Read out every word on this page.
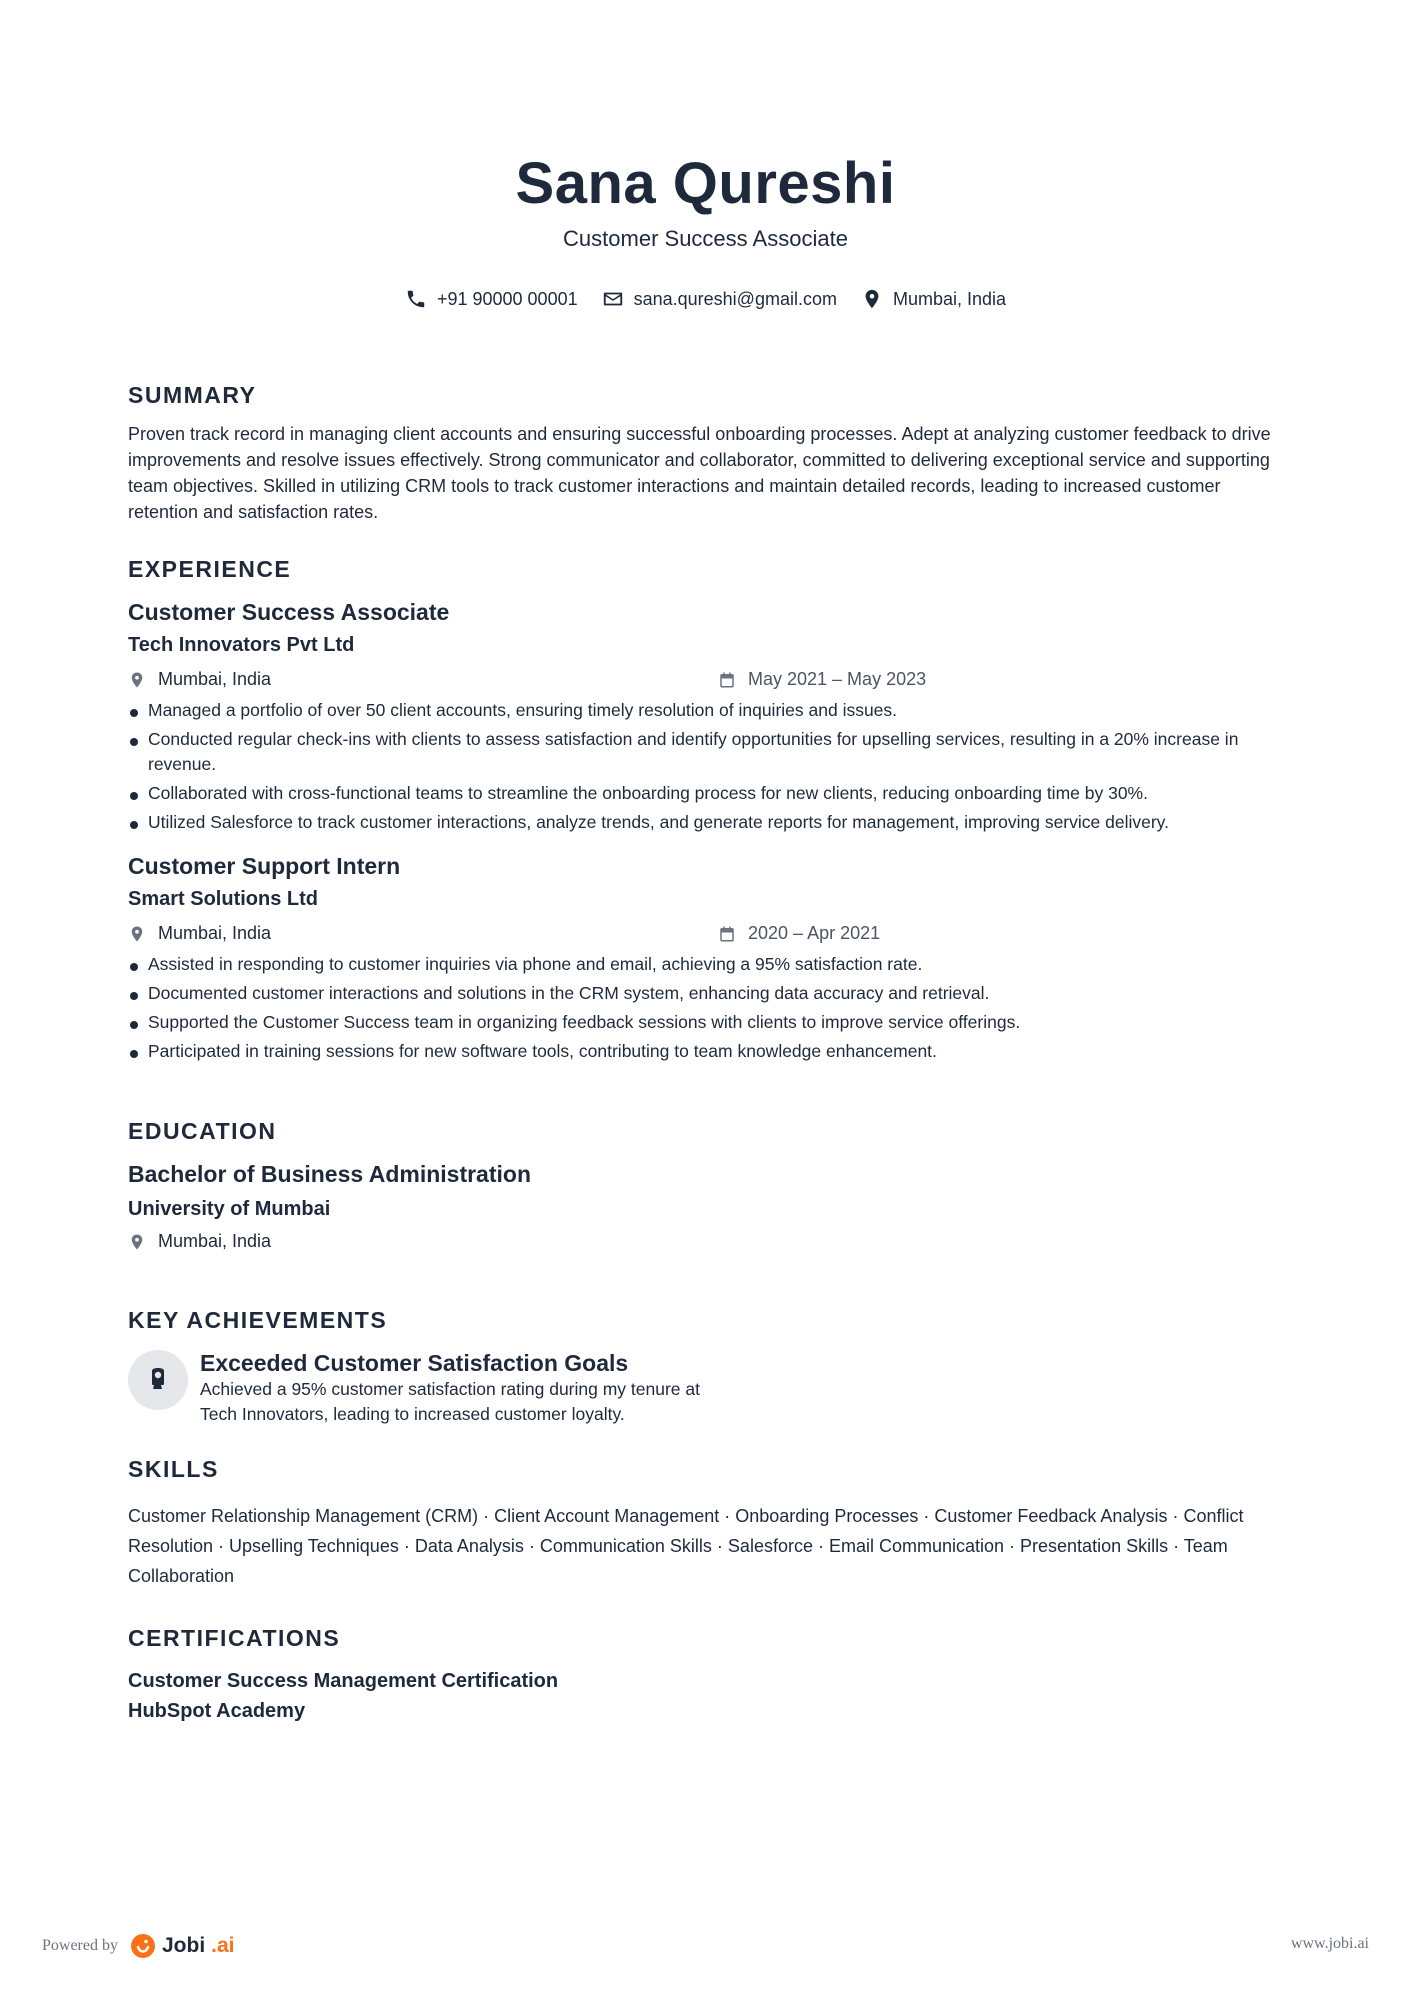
Sana Qureshi
Customer Success Associate
+91 90000 00001	sana.qureshi@gmail.com	Mumbai, India
SUMMARY
Proven track record in managing client accounts and ensuring successful onboarding processes. Adept at analyzing customer feedback to drive improvements and resolve issues effectively. Strong communicator and collaborator, committed to delivering exceptional service and supporting team objectives. Skilled in utilizing CRM tools to track customer interactions and maintain detailed records, leading to increased customer retention and satisfaction rates.
EXPERIENCE
Customer Success Associate
Tech Innovators Pvt Ltd
Mumbai, India	May 2021 – May 2023
Managed a portfolio of over 50 client accounts, ensuring timely resolution of inquiries and issues.
Conducted regular check-ins with clients to assess satisfaction and identify opportunities for upselling services, resulting in a 20% increase in revenue.
Collaborated with cross-functional teams to streamline the onboarding process for new clients, reducing onboarding time by 30%.
Utilized Salesforce to track customer interactions, analyze trends, and generate reports for management, improving service delivery.
Customer Support Intern
Smart Solutions Ltd
Mumbai, India	2020 – Apr 2021
Assisted in responding to customer inquiries via phone and email, achieving a 95% satisfaction rate.
Documented customer interactions and solutions in the CRM system, enhancing data accuracy and retrieval.
Supported the Customer Success team in organizing feedback sessions with clients to improve service offerings.
Participated in training sessions for new software tools, contributing to team knowledge enhancement.
EDUCATION
Bachelor of Business Administration
University of Mumbai
Mumbai, India
KEY ACHIEVEMENTS
Exceeded Customer Satisfaction Goals
Achieved a 95% customer satisfaction rating during my tenure at Tech Innovators, leading to increased customer loyalty.
SKILLS
Customer Relationship Management (CRM) · Client Account Management · Onboarding Processes · Customer Feedback Analysis · Conflict Resolution · Upselling Techniques · Data Analysis · Communication Skills · Salesforce · Email Communication · Presentation Skills · Team Collaboration
CERTIFICATIONS
Customer Success Management Certification
HubSpot Academy
Powered by Jobi .ai	www.jobi.ai
